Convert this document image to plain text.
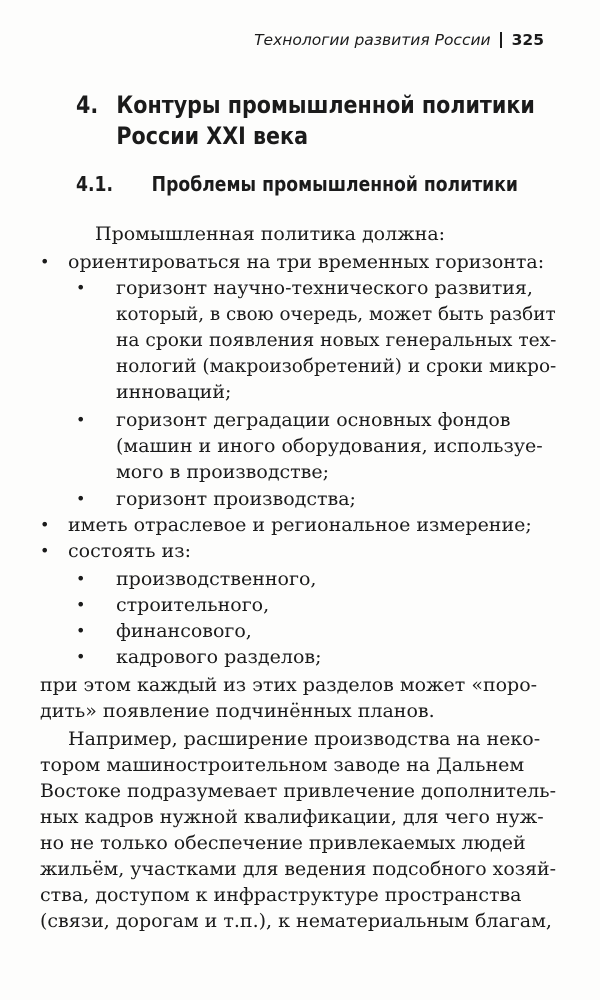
Технологии развития России 325
4. Контуры промышленной политики
России XXI века
4.1. Проблемы промышленной политики
Промышленная политика должна:
• ориентироваться на три временных горизонта:
• горизонт научно-технического развития,
который, в свою очередь, может быть разбит
на сроки появления новых генеральных тех-
нологий (макроизобретений) и сроки микро-
инноваций;
• горизонт деградации основных фондов
(машин и иного оборудования, используе-
мого в производстве;
• горизонт производства;
• иметь отраслевое и региональное измерение;
• состоять из:
• производственного,
• строительного,
• финансового,
• кадрового разделов;
при этом каждый из этих разделов может «поро-
дить» появление подчинённых планов.
Например, расширение производства на неко-
тором машиностроительном заводе на Дальнем
Востоке подразумевает привлечение дополнитель-
ных кадров нужной квалификации, для чего нуж-
но не только обеспечение привлекаемых людей
жильём, участками для ведения подсобного хозяй-
ства, доступом к инфраструктуре пространства
(связи, дорогам и т.п.), к нематериальным благам,
